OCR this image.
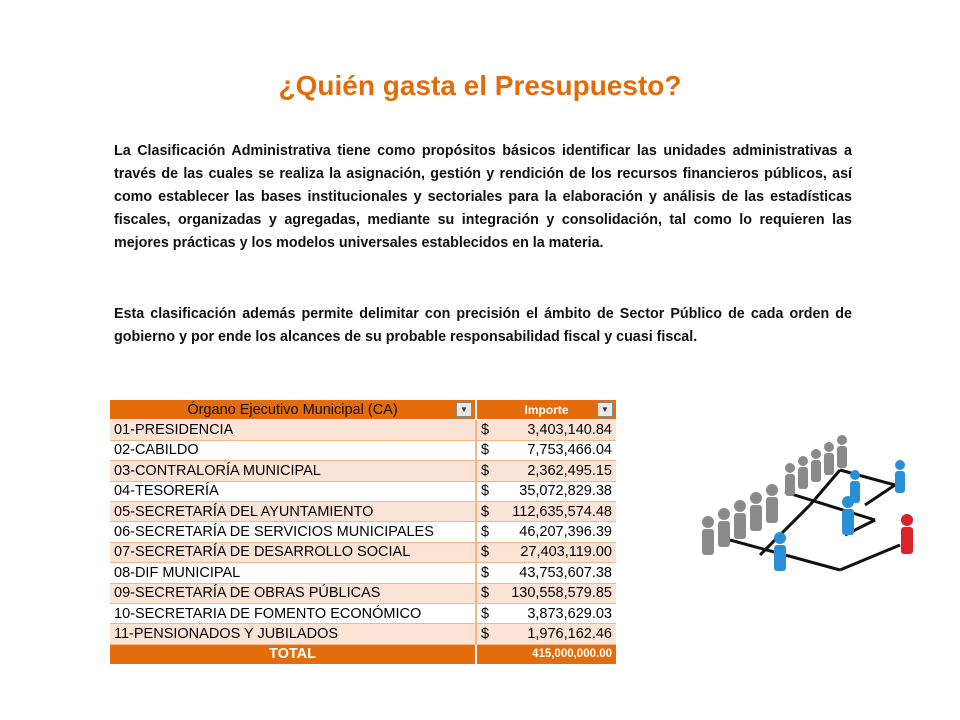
¿Quién gasta el Presupuesto?

La Clasificación Administrativa tiene como propósitos básicos identificar las unidades administrativas a través de las cuales se realiza la asignación, gestión y rendición de los recursos financieros públicos, así como establecer las bases institucionales y sectoriales para la elaboración y análisis de las estadísticas fiscales, organizadas y agregadas, mediante su integración y consolidación, tal como lo requieren las mejores prácticas y los modelos universales establecidos en la materia.

Esta clasificación además permite delimitar con precisión el ámbito de Sector Público de cada orden de gobierno y por ende los alcances de su probable responsabilidad fiscal y cuasi fiscal.

Órgano Ejecutivo Municipal (CA) ▼	Importe ▼

01-PRESIDENCIA	$ 3,403,140.84

02-CABILDO	$ 7,753,466.04

03-CONTRALORÍA MUNICIPAL	$ 2,362,495.15

04-TESORERÍA	$ 35,072,829.38

05-SECRETARÍA DEL AYUNTAMIENTO	$ 112,635,574.48

06-SECRETARÍA DE SERVICIOS MUNICIPALES	$ 46,207,396.39

07-SECRETARÍA DE DESARROLLO SOCIAL	$ 27,403,119.00

08-DIF MUNICIPAL	$ 43,753,607.38

09-SECRETARÍA DE OBRAS PÚBLICAS	$ 130,558,579.85

10-SECRETARIA DE FOMENTO ECONÓMICO	$ 3,873,629.03

11-PENSIONADOS Y JUBILADOS	$ 1,976,162.46

TOTAL	415,000,000.00
